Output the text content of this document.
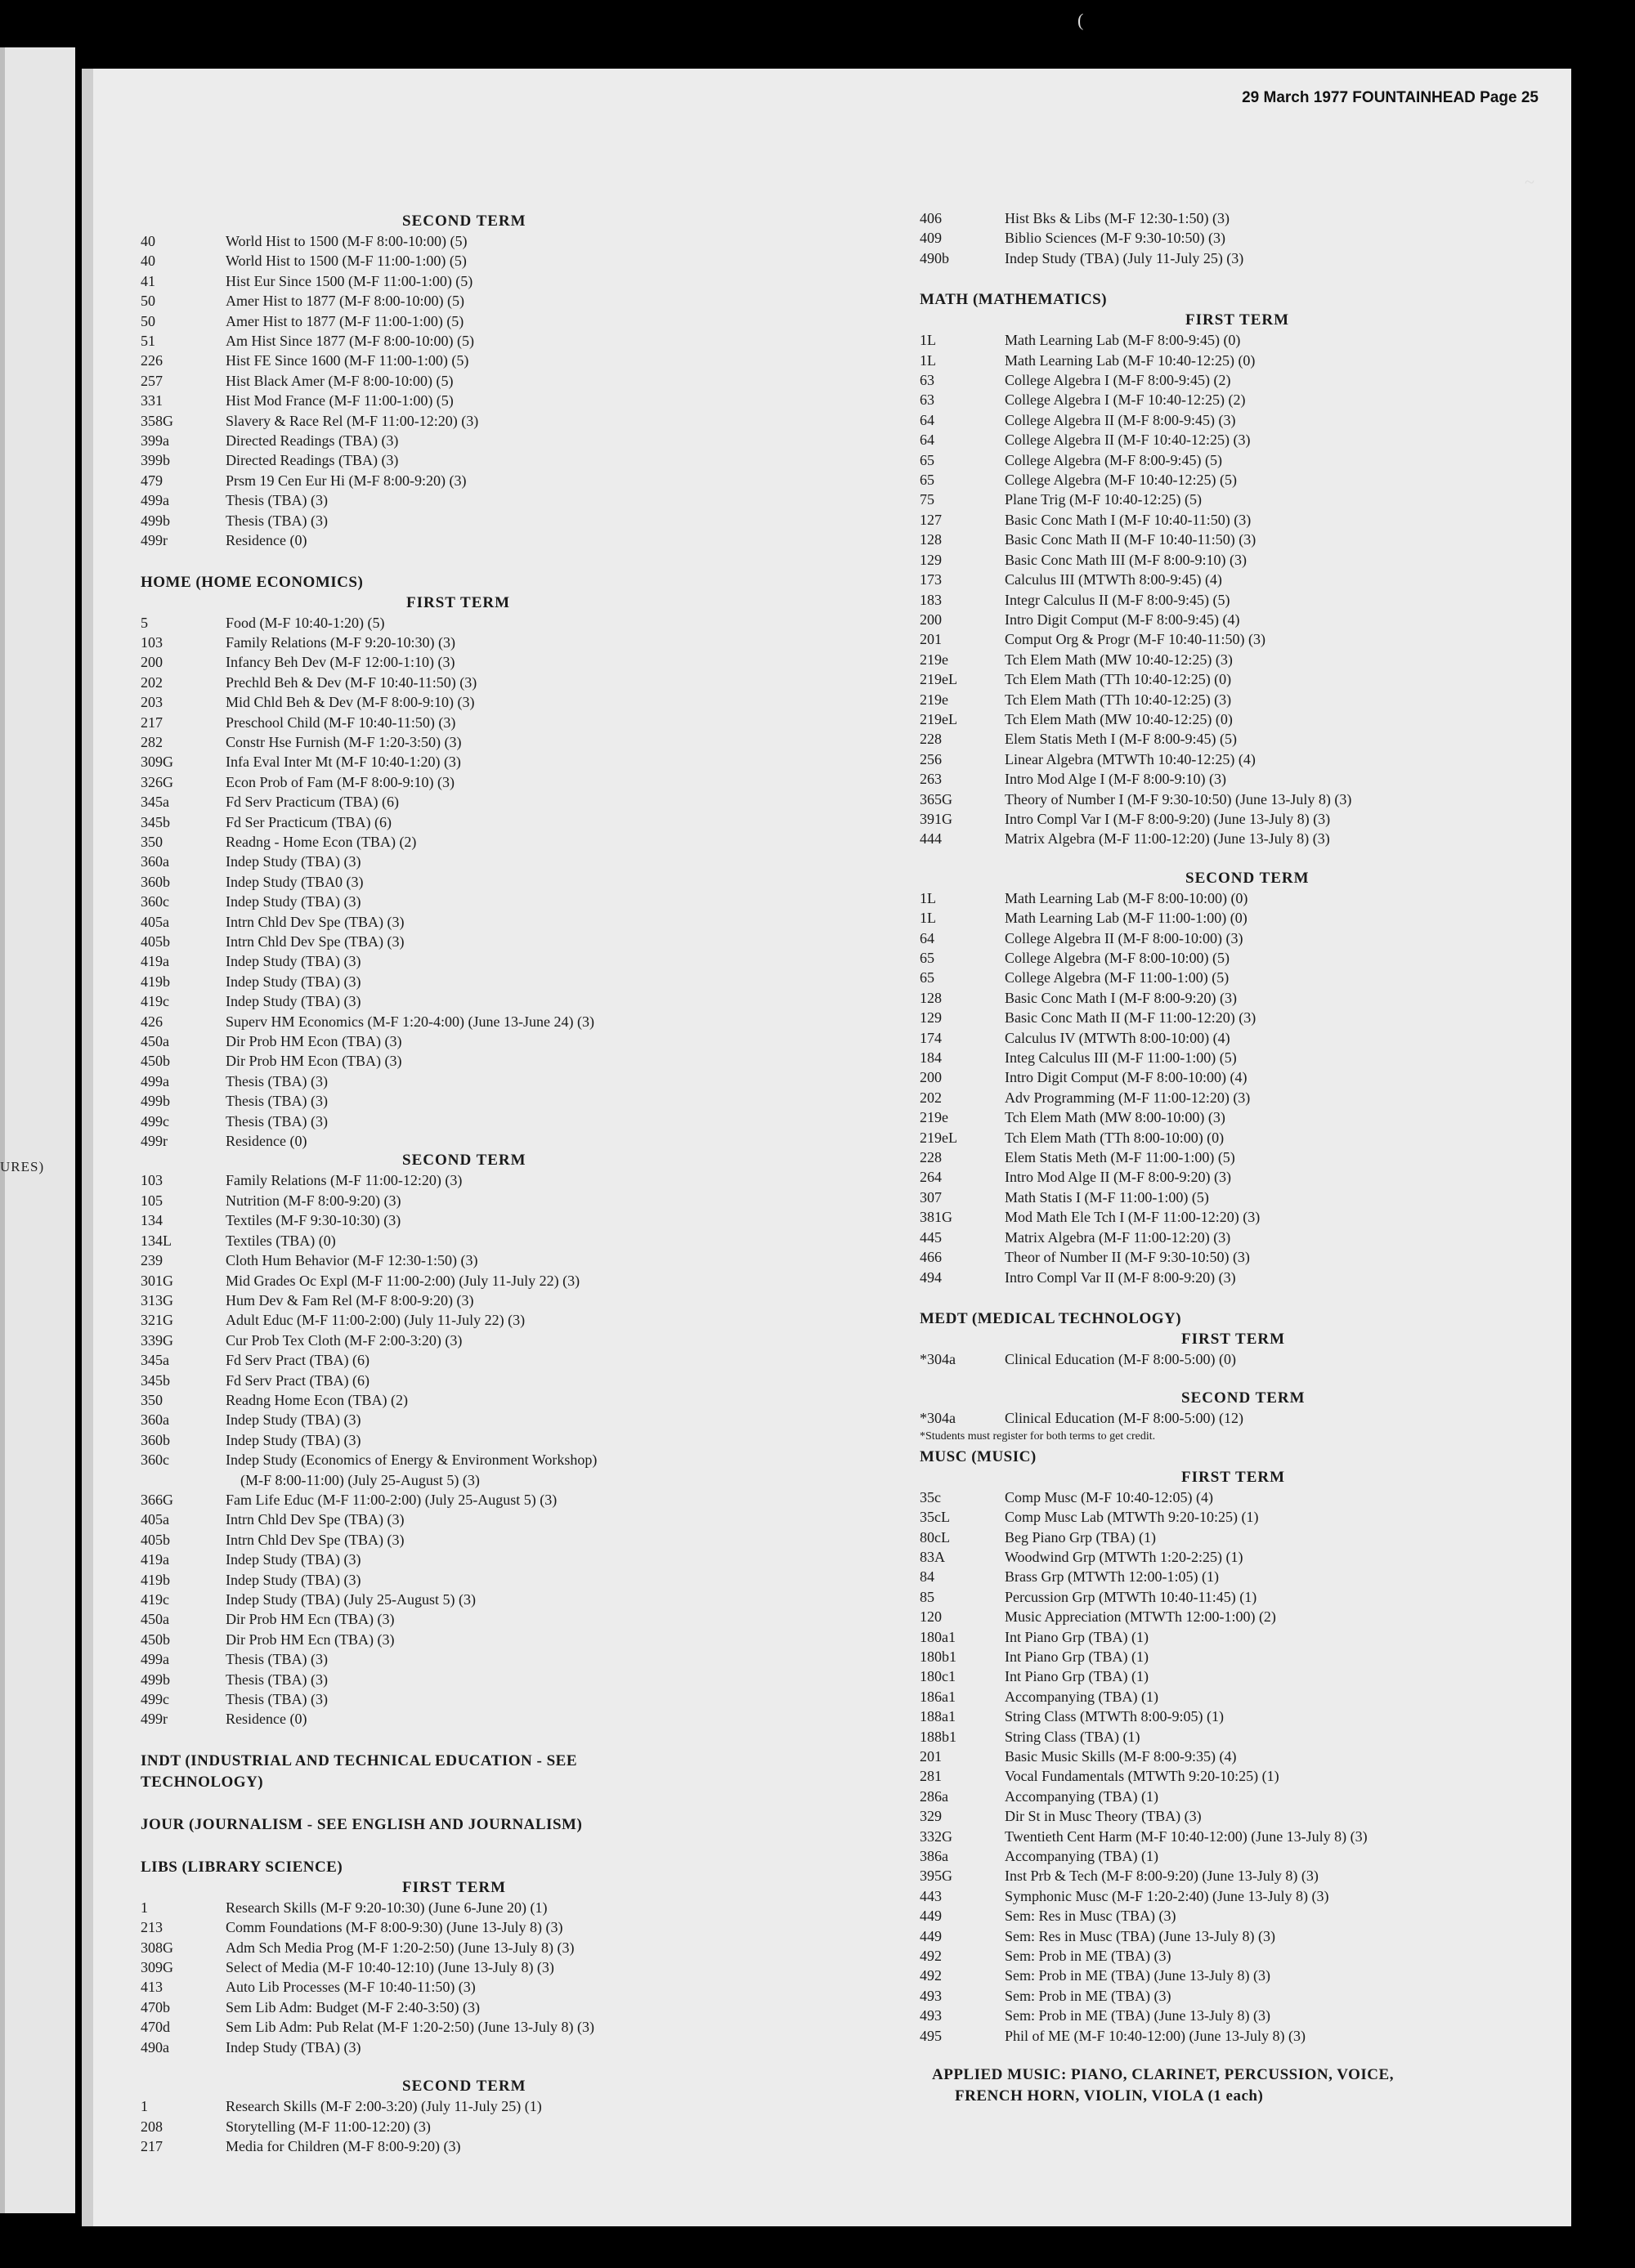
URES)
~
(
29 March 1977 FOUNTAINHEAD Page 25
SECOND TERM
40	World Hist to 1500 (M-F 8:00-10:00) (5)
40	World Hist to 1500 (M-F 11:00-1:00) (5)
41	Hist Eur Since 1500 (M-F 11:00-1:00) (5)
50	Amer Hist to 1877 (M-F 8:00-10:00) (5)
50	Amer Hist to 1877 (M-F 11:00-1:00) (5)
51	Am Hist Since 1877 (M-F 8:00-10:00) (5)
226	Hist FE Since 1600 (M-F 11:00-1:00) (5)
257	Hist Black Amer (M-F 8:00-10:00) (5)
331	Hist Mod France (M-F 11:00-1:00) (5)
358G	Slavery & Race Rel (M-F 11:00-12:20) (3)
399a	Directed Readings (TBA) (3)
399b	Directed Readings (TBA) (3)
479	Prsm 19 Cen Eur Hi (M-F 8:00-9:20) (3)
499a	Thesis (TBA) (3)
499b	Thesis (TBA) (3)
499r	Residence (0)
HOME (HOME ECONOMICS)
FIRST TERM
5	Food (M-F 10:40-1:20) (5)
103	Family Relations (M-F 9:20-10:30) (3)
200	Infancy Beh Dev (M-F 12:00-1:10) (3)
202	Prechld Beh & Dev (M-F 10:40-11:50) (3)
203	Mid Chld Beh & Dev (M-F 8:00-9:10) (3)
217	Preschool Child (M-F 10:40-11:50) (3)
282	Constr Hse Furnish (M-F 1:20-3:50) (3)
309G	Infa Eval Inter Mt (M-F 10:40-1:20) (3)
326G	Econ Prob of Fam (M-F 8:00-9:10) (3)
345a	Fd Serv Practicum (TBA) (6)
345b	Fd Ser Practicum (TBA) (6)
350	Readng - Home Econ (TBA) (2)
360a	Indep Study (TBA) (3)
360b	Indep Study (TBA0 (3)
360c	Indep Study (TBA) (3)
405a	Intrn Chld Dev Spe (TBA) (3)
405b	Intrn Chld Dev Spe (TBA) (3)
419a	Indep Study (TBA) (3)
419b	Indep Study (TBA) (3)
419c	Indep Study (TBA) (3)
426	Superv HM Economics (M-F 1:20-4:00) (June 13-June 24) (3)
450a	Dir Prob HM Econ (TBA) (3)
450b	Dir Prob HM Econ (TBA) (3)
499a	Thesis (TBA) (3)
499b	Thesis (TBA) (3)
499c	Thesis (TBA) (3)
499r	Residence (0)
SECOND TERM
103	Family Relations (M-F 11:00-12:20) (3)
105	Nutrition (M-F 8:00-9:20) (3)
134	Textiles (M-F 9:30-10:30) (3)
134L	Textiles (TBA) (0)
239	Cloth Hum Behavior (M-F 12:30-1:50) (3)
301G	Mid Grades Oc Expl (M-F 11:00-2:00) (July 11-July 22) (3)
313G	Hum Dev & Fam Rel (M-F 8:00-9:20) (3)
321G	Adult Educ (M-F 11:00-2:00) (July 11-July 22) (3)
339G	Cur Prob Tex Cloth (M-F 2:00-3:20) (3)
345a	Fd Serv Pract (TBA) (6)
345b	Fd Serv Pract (TBA) (6)
350	Readng Home Econ (TBA) (2)
360a	Indep Study (TBA) (3)
360b	Indep Study (TBA) (3)
360c	Indep Study (Economics of Energy & Environment Workshop)
(M-F 8:00-11:00) (July 25-August 5) (3)
366G	Fam Life Educ (M-F 11:00-2:00) (July 25-August 5) (3)
405a	Intrn Chld Dev Spe (TBA) (3)
405b	Intrn Chld Dev Spe (TBA) (3)
419a	Indep Study (TBA) (3)
419b	Indep Study (TBA) (3)
419c	Indep Study (TBA) (July 25-August 5) (3)
450a	Dir Prob HM Ecn (TBA) (3)
450b	Dir Prob HM Ecn (TBA) (3)
499a	Thesis (TBA) (3)
499b	Thesis (TBA) (3)
499c	Thesis (TBA) (3)
499r	Residence (0)
INDT (INDUSTRIAL AND TECHNICAL EDUCATION - SEE TECHNOLOGY)
JOUR (JOURNALISM - SEE ENGLISH AND JOURNALISM)
LIBS (LIBRARY SCIENCE)
FIRST TERM
1	Research Skills (M-F 9:20-10:30) (June 6-June 20) (1)
213	Comm Foundations (M-F 8:00-9:30) (June 13-July 8) (3)
308G	Adm Sch Media Prog (M-F 1:20-2:50) (June 13-July 8) (3)
309G	Select of Media (M-F 10:40-12:10) (June 13-July 8) (3)
413	Auto Lib Processes (M-F 10:40-11:50) (3)
470b	Sem Lib Adm: Budget (M-F 2:40-3:50) (3)
470d	Sem Lib Adm: Pub Relat (M-F 1:20-2:50) (June 13-July 8) (3)
490a	Indep Study (TBA) (3)
SECOND TERM
1	Research Skills (M-F 2:00-3:20) (July 11-July 25) (1)
208	Storytelling (M-F 11:00-12:20) (3)
217	Media for Children (M-F 8:00-9:20) (3)
406	Hist Bks & Libs (M-F 12:30-1:50) (3)
409	Biblio Sciences (M-F 9:30-10:50) (3)
490b	Indep Study (TBA) (July 11-July 25) (3)
MATH (MATHEMATICS)
FIRST TERM
1L	Math Learning Lab (M-F 8:00-9:45) (0)
1L	Math Learning Lab (M-F 10:40-12:25) (0)
63	College Algebra I (M-F 8:00-9:45) (2)
63	College Algebra I (M-F 10:40-12:25) (2)
64	College Algebra II (M-F 8:00-9:45) (3)
64	College Algebra II (M-F 10:40-12:25) (3)
65	College Algebra (M-F 8:00-9:45) (5)
65	College Algebra (M-F 10:40-12:25) (5)
75	Plane Trig (M-F 10:40-12:25) (5)
127	Basic Conc Math I (M-F 10:40-11:50) (3)
128	Basic Conc Math II (M-F 10:40-11:50) (3)
129	Basic Conc Math III (M-F 8:00-9:10) (3)
173	Calculus III (MTWTh 8:00-9:45) (4)
183	Integr Calculus II (M-F 8:00-9:45) (5)
200	Intro Digit Comput (M-F 8:00-9:45) (4)
201	Comput Org & Progr (M-F 10:40-11:50) (3)
219e	Tch Elem Math (MW 10:40-12:25) (3)
219eL	Tch Elem Math (TTh 10:40-12:25) (0)
219e	Tch Elem Math (TTh 10:40-12:25) (3)
219eL	Tch Elem Math (MW 10:40-12:25) (0)
228	Elem Statis Meth I (M-F 8:00-9:45) (5)
256	Linear Algebra (MTWTh 10:40-12:25) (4)
263	Intro Mod Alge I (M-F 8:00-9:10) (3)
365G	Theory of Number I (M-F 9:30-10:50) (June 13-July 8) (3)
391G	Intro Compl Var I (M-F 8:00-9:20) (June 13-July 8) (3)
444	Matrix Algebra (M-F 11:00-12:20) (June 13-July 8) (3)
SECOND TERM
1L	Math Learning Lab (M-F 8:00-10:00) (0)
1L	Math Learning Lab (M-F 11:00-1:00) (0)
64	College Algebra II (M-F 8:00-10:00) (3)
65	College Algebra (M-F 8:00-10:00) (5)
65	College Algebra (M-F 11:00-1:00) (5)
128	Basic Conc Math I (M-F 8:00-9:20) (3)
129	Basic Conc Math II (M-F 11:00-12:20) (3)
174	Calculus IV (MTWTh 8:00-10:00) (4)
184	Integ Calculus III (M-F 11:00-1:00) (5)
200	Intro Digit Comput (M-F 8:00-10:00) (4)
202	Adv Programming (M-F 11:00-12:20) (3)
219e	Tch Elem Math (MW 8:00-10:00) (3)
219eL	Tch Elem Math (TTh 8:00-10:00) (0)
228	Elem Statis Meth (M-F 11:00-1:00) (5)
264	Intro Mod Alge II (M-F 8:00-9:20) (3)
307	Math Statis I (M-F 11:00-1:00) (5)
381G	Mod Math Ele Tch I (M-F 11:00-12:20) (3)
445	Matrix Algebra (M-F 11:00-12:20) (3)
466	Theor of Number II (M-F 9:30-10:50) (3)
494	Intro Compl Var II (M-F 8:00-9:20) (3)
MEDT (MEDICAL TECHNOLOGY)
FIRST TERM
*304a	Clinical Education (M-F 8:00-5:00) (0)
SECOND TERM
*304a	Clinical Education (M-F 8:00-5:00) (12)
*Students must register for both terms to get credit.
MUSC (MUSIC)
FIRST TERM
35c	Comp Musc (M-F 10:40-12:05) (4)
35cL	Comp Musc Lab (MTWTh 9:20-10:25) (1)
80cL	Beg Piano Grp (TBA) (1)
83A	Woodwind Grp (MTWTh 1:20-2:25) (1)
84	Brass Grp (MTWTh 12:00-1:05) (1)
85	Percussion Grp (MTWTh 10:40-11:45) (1)
120	Music Appreciation (MTWTh 12:00-1:00) (2)
180a1	Int Piano Grp (TBA) (1)
180b1	Int Piano Grp (TBA) (1)
180c1	Int Piano Grp (TBA) (1)
186a1	Accompanying (TBA) (1)
188a1	String Class (MTWTh 8:00-9:05) (1)
188b1	String Class (TBA) (1)
201	Basic Music Skills (M-F 8:00-9:35) (4)
281	Vocal Fundamentals (MTWTh 9:20-10:25) (1)
286a	Accompanying (TBA) (1)
329	Dir St in Musc Theory (TBA) (3)
332G	Twentieth Cent Harm (M-F 10:40-12:00) (June 13-July 8) (3)
386a	Accompanying (TBA) (1)
395G	Inst Prb & Tech (M-F 8:00-9:20) (June 13-July 8) (3)
443	Symphonic Musc (M-F 1:20-2:40) (June 13-July 8) (3)
449	Sem: Res in Musc (TBA) (3)
449	Sem: Res in Musc (TBA) (June 13-July 8) (3)
492	Sem: Prob in ME (TBA) (3)
492	Sem: Prob in ME (TBA) (June 13-July 8) (3)
493	Sem: Prob in ME (TBA) (3)
493	Sem: Prob in ME (TBA) (June 13-July 8) (3)
495	Phil of ME (M-F 10:40-12:00) (June 13-July 8) (3)
APPLIED MUSIC: PIANO, CLARINET, PERCUSSION, VOICE,
FRENCH HORN, VIOLIN, VIOLA (1 each)
